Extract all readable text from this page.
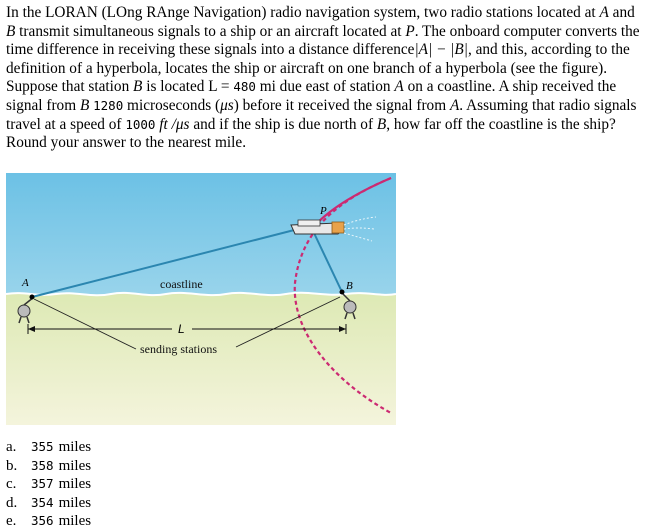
In the LORAN (LOng RAnge Navigation) radio navigation system, two radio stations located at A and B transmit simultaneous signals to a ship or an aircraft located at P. The onboard computer converts the time difference in receiving these signals into a distance difference|A| − |B|, and this, according to the definition of a hyperbola, locates the ship or aircraft on one branch of a hyperbola (see the figure). Suppose that station B is located L = 480 mi due east of station A on a coastline. A ship received the signal from B 1280 microseconds (μs) before it received the signal from A. Assuming that radio signals travel at a speed of 1000 ft /μs and if the ship is due north of B, how far off the coastline is the ship? Round your answer to the nearest mile.
A	B
P
coastline
L
sending stations
a.	355 miles
b.	358 miles
c.	357 miles
d.	354 miles
e.	356 miles
